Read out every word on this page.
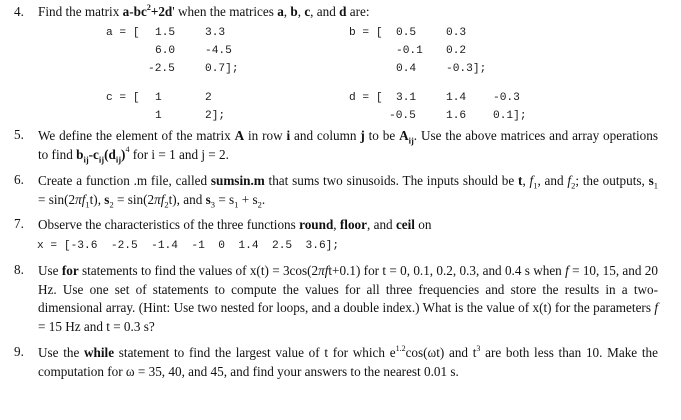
4. Find the matrix $a-bc^2+2d'$ when the matrices a, b, c, and d are:
a = [ 1.5	3.3
6.0	-4.5
-2.5	0.7];
b = [ 0.5	0.3
-0.1 0.2
0.4	-0.3];
c = [ 1	2
1	2];
d = [ 3.1	1.4 -0.3
-0.5	1.6 0.1];
5. We define the element of the matrix A in row i and column j to be $A_{ij}$. Use the above matrices and array operations to find $b_{ij}-c_{ij}(d_{ij})^4$ for i = 1 and j = 2.
6. Create a function .m file, called sumsin.m that sums two sinusoids. The inputs should be t, $f_1$, and $f_2$; the outputs, $s_1 = \sin(2\pi f_1t)$, $s_2 = \sin(2\pi f_2t)$, and $s_3 = s_1 + s_2$.
7. Observe the characteristics of the three functions round, floor, and ceil on
x = [-3.6  -2.5  -1.4  -1  0  1.4  2.5  3.6];
8. Use for statements to find the values of x(t) = 3cos(2πft+0.1) for t = 0, 0.1, 0.2, 0.3, and 0.4 s when f = 10, 15, and 20 Hz. Use one set of statements to compute the values for all three frequencies and store the results in a two-dimensional array. (Hint: Use two nested for loops, and a double index.) What is the value of x(t) for the parameters f = 15 Hz and t = 0.3 s?
9. Use the while statement to find the largest value of t for which $e^{1.2}\cos(\omega t)$ and $t^3$ are both less than 10. Make the computation for ω = 35, 40, and 45, and find your answers to the nearest 0.01 s.
